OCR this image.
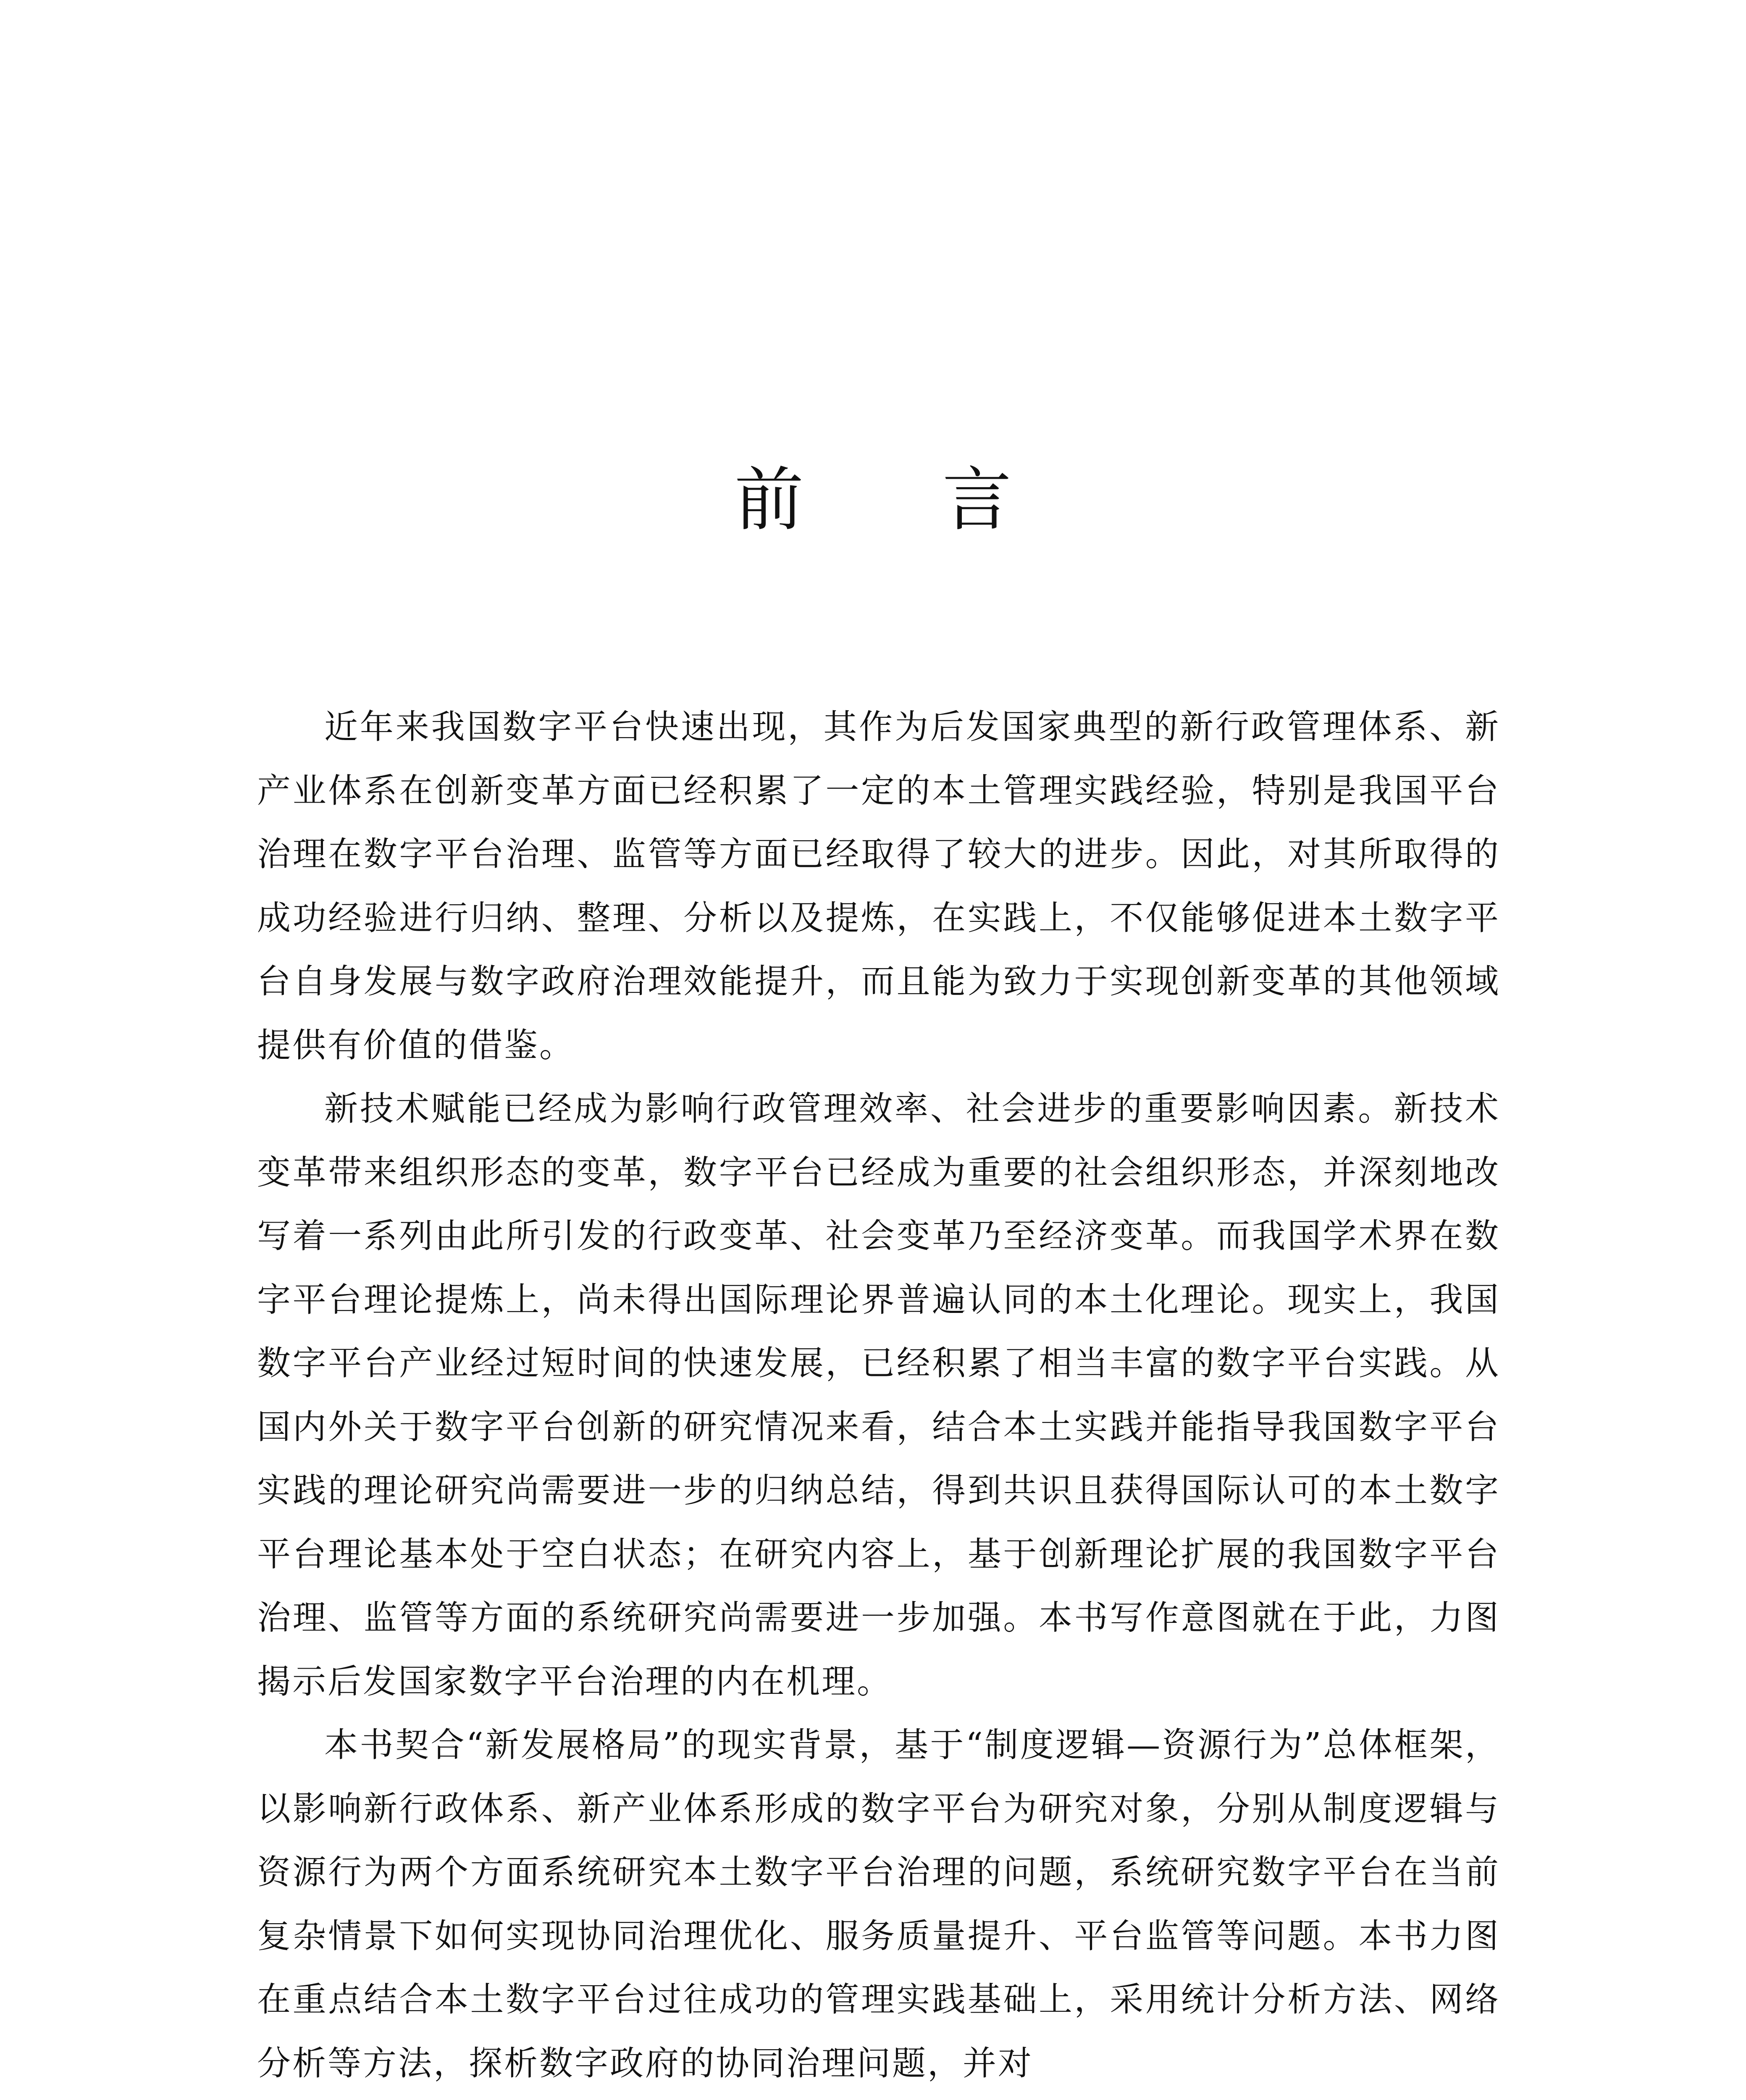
前言

近年来我国数字平台快速出现，其作为后发国家典型的新行政管理体系、新产业体系在创新变革方面已经积累了一定的本土管理实践经验，特别是我国平台治理在数字平台治理、监管等方面已经取得了较大的进步。因此，对其所取得的成功经验进行归纳、整理、分析以及提炼，在实践上，不仅能够促进本土数字平台自身发展与数字政府治理效能提升，而且能为致力于实现创新变革的其他领域提供有价值的借鉴。

新技术赋能已经成为影响行政管理效率、社会进步的重要影响因素。新技术变革带来组织形态的变革，数字平台已经成为重要的社会组织形态，并深刻地改写着一系列由此所引发的行政变革、社会变革乃至经济变革。而我国学术界在数字平台理论提炼上，尚未得出国际理论界普遍认同的本土化理论。现实上，我国数字平台产业经过短时间的快速发展，已经积累了相当丰富的数字平台实践。从国内外关于数字平台创新的研究情况来看，结合本土实践并能指导我国数字平台实践的理论研究尚需要进一步的归纳总结，得到共识且获得国际认可的本土数字平台理论基本处于空白状态；在研究内容上，基于创新理论扩展的我国数字平台治理、监管等方面的系统研究尚需要进一步加强。本书写作意图就在于此，力图揭示后发国家数字平台治理的内在机理。

本书契合“新发展格局”的现实背景，基于“制度逻辑—资源行为”总体框架，以影响新行政体系、新产业体系形成的数字平台为研究对象，分别从制度逻辑与资源行为两个方面系统研究本土数字平台治理的问题，系统研究数字平台在当前复杂情景下如何实现协同治理优化、服务质量提升、平台监管等问题。本书力图在重点结合本土数字平台过往成功的管理实践基础上，采用统计分析方法、网络分析等方法，探析数字政府的协同治理问题，并对
